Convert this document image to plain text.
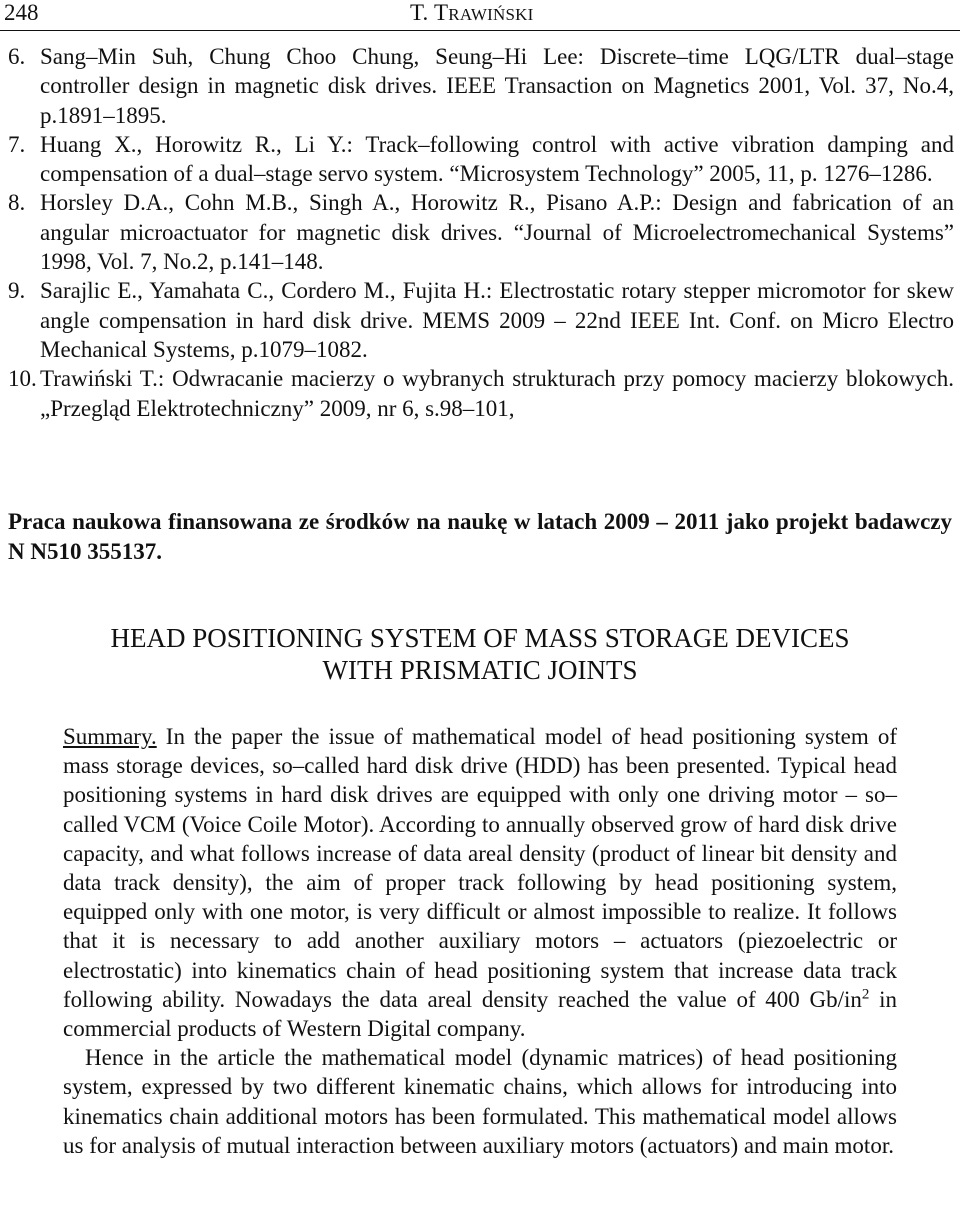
248	T. TRAWIŃSKI
6. Sang–Min Suh, Chung Choo Chung, Seung–Hi Lee: Discrete–time LQG/LTR dual–stage controller design in magnetic disk drives. IEEE Transaction on Magnetics 2001, Vol. 37, No.4, p.1891–1895.
7. Huang X., Horowitz R., Li Y.: Track–following control with active vibration damping and compensation of a dual–stage servo system. “Microsystem Technology” 2005, 11, p. 1276–1286.
8. Horsley D.A., Cohn M.B., Singh A., Horowitz R., Pisano A.P.: Design and fabrication of an angular microactuator for magnetic disk drives. “Journal of Microelectromechanical Systems” 1998, Vol. 7, No.2, p.141–148.
9. Sarajlic E., Yamahata C., Cordero M., Fujita H.: Electrostatic rotary stepper micromotor for skew angle compensation in hard disk drive. MEMS 2009 – 22nd IEEE Int. Conf. on Micro Electro Mechanical Systems, p.1079–1082.
10. Trawiński T.: Odwracanie macierzy o wybranych strukturach przy pomocy macierzy blokowych. „Przegląd Elektrotechniczny” 2009, nr 6, s.98–101,
Praca naukowa finansowana ze środków na naukę w latach 2009 – 2011 jako projekt badawczy N N510 355137.
HEAD POSITIONING SYSTEM OF MASS STORAGE DEVICES
WITH PRISMATIC JOINTS

Summary. In the paper the issue of mathematical model of head positioning system of mass storage devices, so–called hard disk drive (HDD) has been presented. Typical head positioning systems in hard disk drives are equipped with only one driving motor – so–called VCM (Voice Coile Motor). According to annually observed grow of hard disk drive capacity, and what follows increase of data areal density (product of linear bit density and data track density), the aim of proper track following by head positioning system, equipped only with one motor, is very difficult or almost impossible to realize. It follows that it is necessary to add another auxiliary motors – actuators (piezoelectric or electrostatic) into kinematics chain of head positioning system that increase data track following ability. Nowadays the data areal density reached the value of 400 $Gb/in^2$ in commercial products of Western Digital company.

Hence in the article the mathematical model (dynamic matrices) of head positioning system, expressed by two different kinematic chains, which allows for introducing into kinematics chain additional motors has been formulated. This mathematical model allows us for analysis of mutual interaction between auxiliary motors (actuators) and main motor.
